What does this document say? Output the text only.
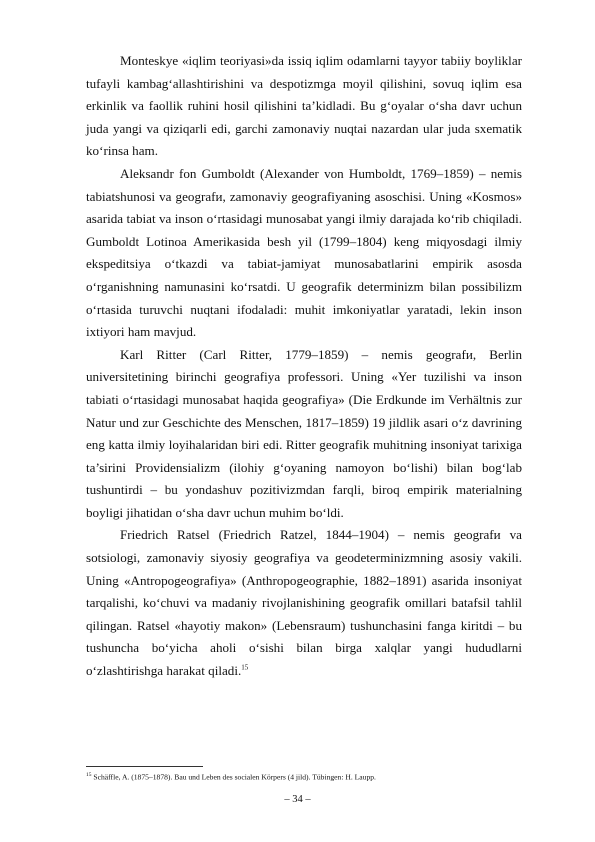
Monteskye «iqlim teoriyasi»da issiq iqlim odamlarni tayyor tabiiy boyliklar tufayli kambag‘allashtirishini va despotizmga moyil qilishini, sovuq iqlim esa erkinlik va faollik ruhini hosil qilishini ta’kidladi. Bu g‘oyalar o‘sha davr uchun juda yangi va qiziqarli edi, garchi zamonaviy nuqtai nazardan ular juda sxematik ko‘rinsa ham.

Aleksandr fon Gumboldt (Alexander von Humboldt, 1769–1859) – nemis tabiatshunosi va geografи, zamonaviy geografiyaning asoschisi. Uning «Kosmos» asarida tabiat va inson o‘rtasidagi munosabat yangi ilmiy darajada ko‘rib chiqiladi. Gumboldt Lotinoa Amerikasida besh yil (1799–1804) keng miqyosdagi ilmiy ekspeditsiya o‘tkazdi va tabiat-jamiyat munosabatlarini empirik asosda o‘rganishning namunasini ko‘rsatdi. U geografik determinizm bilan possibilizm o‘rtasida turuvchi nuqtani ifodaladi: muhit imkoniyatlar yaratadi, lekin inson ixtiyori ham mavjud.

Karl Ritter (Carl Ritter, 1779–1859) – nemis geografи, Berlin universitetining birinchi geografiya professori. Uning «Yer tuzilishi va inson tabiati o‘rtasidagi munosabat haqida geografiya» (Die Erdkunde im Verhältnis zur Natur und zur Geschichte des Menschen, 1817–1859) 19 jildlik asari o‘z davrining eng katta ilmiy loyihalaridan biri edi. Ritter geografik muhitning insoniyat tarixiga ta’sirini Providensializm (ilohiy g‘oyaning namoyon bo‘lishi) bilan bog‘lab tushuntirdi – bu yondashuv pozitivizmdan farqli, biroq empirik materialning boyligi jihatidan o‘sha davr uchun muhim bo‘ldi.

Friedrich Ratsel (Friedrich Ratzel, 1844–1904) – nemis geografи va sotsiologi, zamonaviy siyosiy geografiya va geodeterminizmning asosiy vakili. Uning «Antropogeografiya» (Anthropogeographie, 1882–1891) asarida insoniyat tarqalishi, ko‘chuvi va madaniy rivojlanishining geografik omillari batafsil tahlil qilingan. Ratsel «hayotiy makon» (Lebensraum) tushunchasini fanga kiritdi – bu tushuncha bo‘yicha aholi o‘sishi bilan birga xalqlar yangi hududlarni o‘zlashtirishga harakat qiladi.$^{15}$

$^{15}$ Schäffle, A. (1875–1878). Bau und Leben des socialen Körpers (4 jild). Tübingen: H. Laupp.
– 34 –
